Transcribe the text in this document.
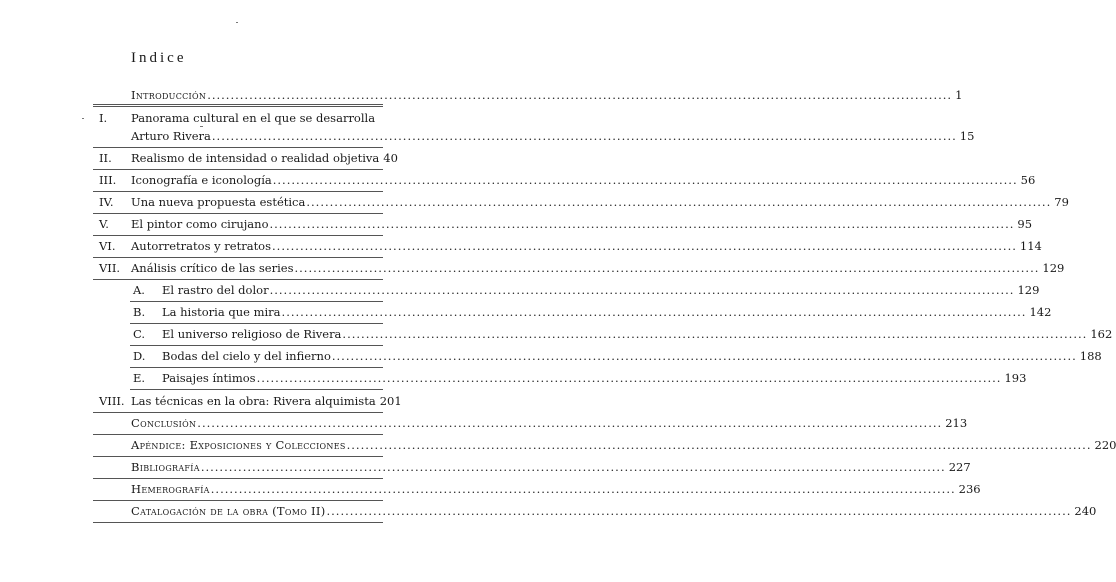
Indice
Introducción ................................................................................................................................................................ 1
I. Panorama cultural en el que se desarrolla
Arturo Rivera ................................................................................................................................................................ 15
II. Realismo de intensidad o realidad objetiva 40
III. Iconografía e iconología ................................................................................................................................................................ 56
IV. Una nueva propuesta estética ................................................................................................................................................................ 79
V. El pintor como cirujano ................................................................................................................................................................ 95
VI. Autorretratos y retratos ................................................................................................................................................................ 114
VII. Análisis crítico de las series ................................................................................................................................................................ 129
A. El rastro del dolor ................................................................................................................................................................ 129
B. La historia que mira ................................................................................................................................................................ 142
C. El universo religioso de Rivera ................................................................................................................................................................ 162
D. Bodas del cielo y del infierno ................................................................................................................................................................ 188
E. Paisajes íntimos ................................................................................................................................................................ 193
VIII. Las técnicas en la obra: Rivera alquimista 201
Conclusión ................................................................................................................................................................ 213
Apéndice: Exposiciones y Colecciones ................................................................................................................................................................ 220
Bibliografía ................................................................................................................................................................ 227
Hemerografía ................................................................................................................................................................ 236
Catalogación de la obra (Tomo II) ................................................................................................................................................................ 240
